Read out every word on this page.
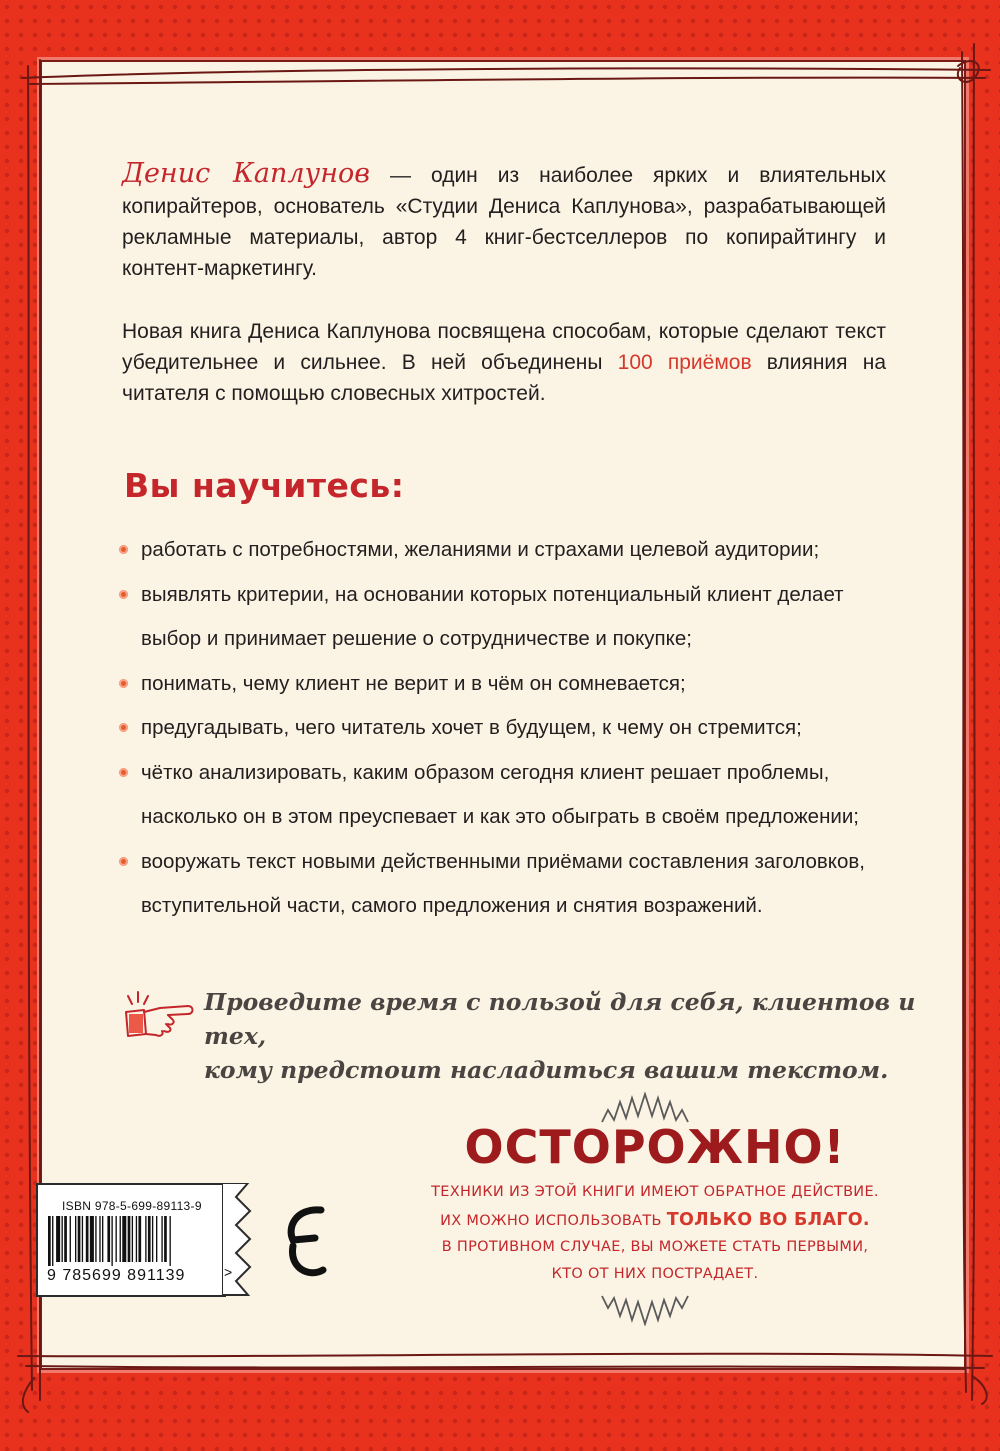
Денис Каплунов — один из наиболее ярких и влиятельных копирайтеров, основатель «Студии Дениса Каплунова», разрабатывающей рекламные материалы, автор 4 книг-бестселлеров по копирайтингу и контент-маркетингу.

Новая книга Дениса Каплунова посвящена способам, которые сделают текст убедительнее и сильнее. В ней объединены 100 приёмов влияния на читателя с помощью словесных хитростей.

Вы научитесь:
работать с потребностями, желаниями и страхами целевой аудитории;
выявлять критерии, на основании которых потенциальный клиент делает выбор и принимает решение о сотрудничестве и покупке;
понимать, чему клиент не верит и в чём он сомневается;
предугадывать, чего читатель хочет в будущем, к чему он стремится;
чётко анализировать, каким образом сегодня клиент решает проблемы, насколько он в этом преуспевает и как это обыграть в своём предложении;
вооружать текст новыми действенными приёмами составления заголовков, вступительной части, самого предложения и снятия возражений.

Проведите время с пользой для себя, клиентов и тех,
кому предстоит насладиться вашим текстом.

ОСТОРОЖНО!

ТЕХНИКИ ИЗ ЭТОЙ КНИГИ ИМЕЮТ ОБРАТНОЕ ДЕЙСТВИЕ.

ИХ МОЖНО ИСПОЛЬЗОВАТЬ ТОЛЬКО ВО БЛАГО.

В ПРОТИВНОМ СЛУЧАЕ, ВЫ МОЖЕТЕ СТАТЬ ПЕРВЫМИ,

КТО ОТ НИХ ПОСТРАДАЕТ.

ISBN 978-5-699-89113-9
9 785699 891139	>
